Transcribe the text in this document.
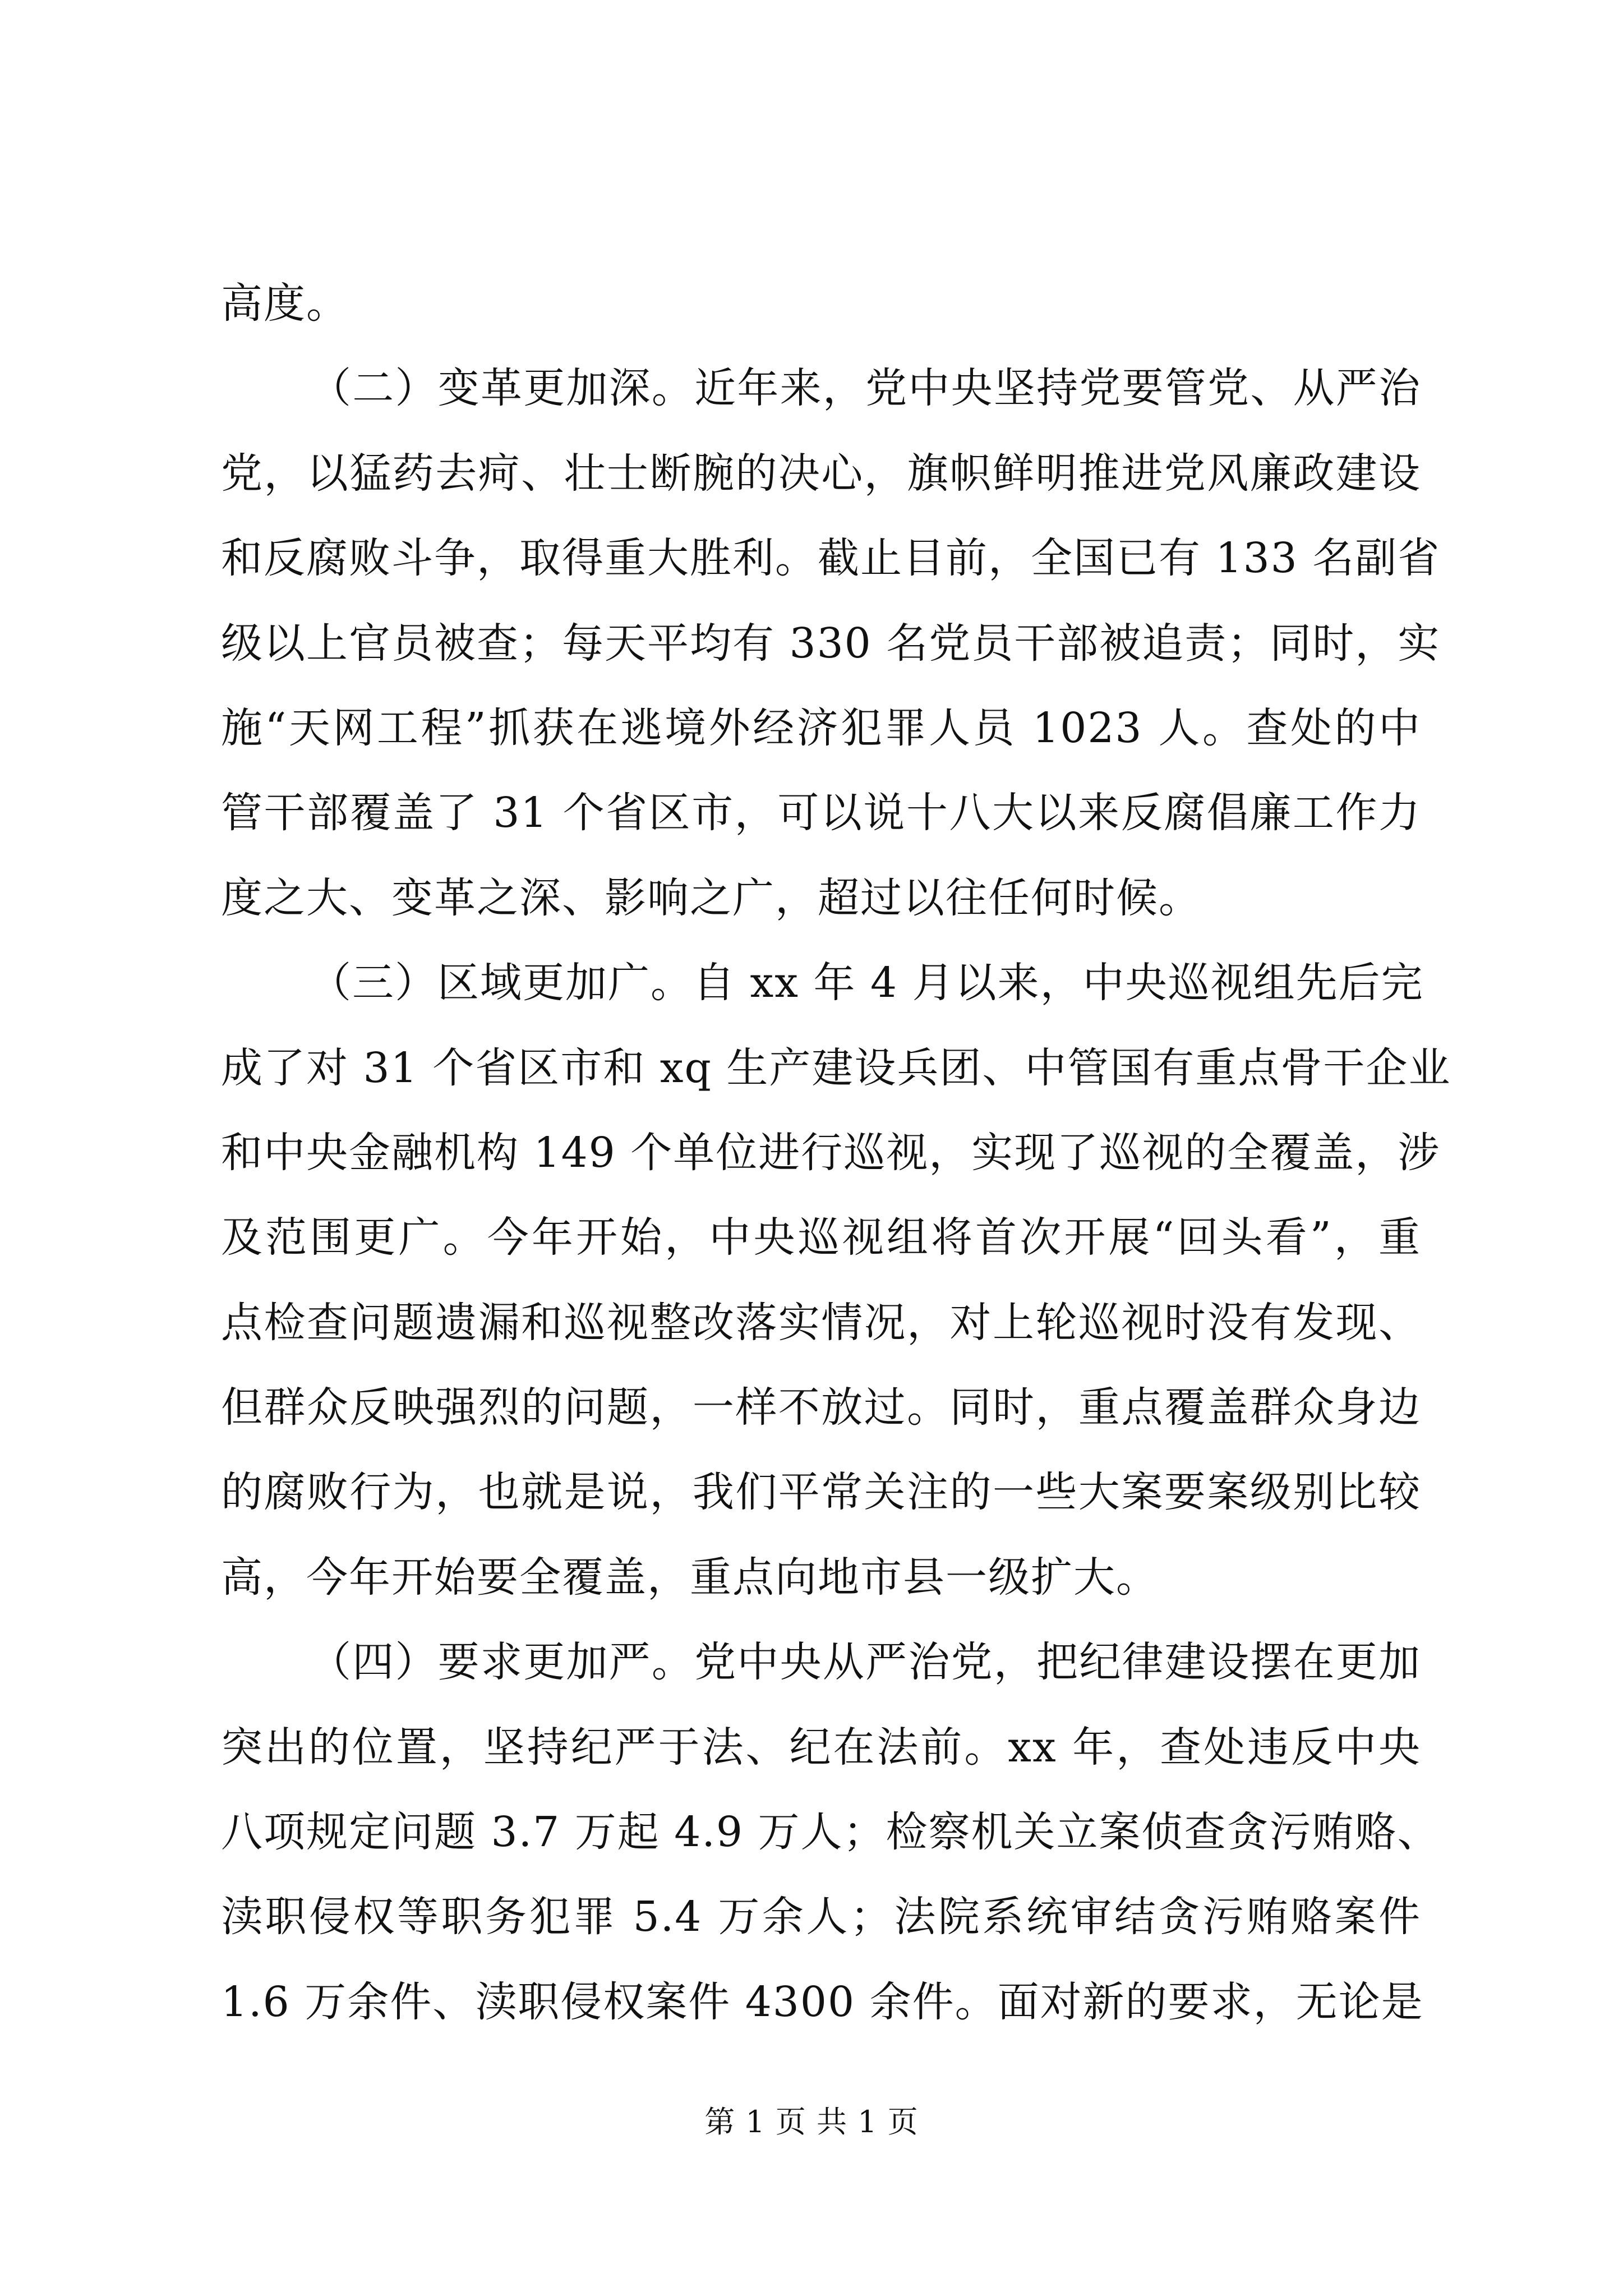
高度。
（二）变革更加深。近年来，党中央坚持党要管党、从严治
党，以猛药去疴、壮士断腕的决心，旗帜鲜明推进党风廉政建设
和反腐败斗争，取得重大胜利。截止目前，全国已有 133 名副省
级以上官员被查；每天平均有 330 名党员干部被追责；同时，实
施“天网工程”抓获在逃境外经济犯罪人员 1023 人。查处的中
管干部覆盖了 31 个省区市，可以说十八大以来反腐倡廉工作力
度之大、变革之深、影响之广，超过以往任何时候。
（三）区域更加广。自 xx 年 4 月以来，中央巡视组先后完
成了对 31 个省区市和 xq 生产建设兵团、中管国有重点骨干企业
和中央金融机构 149 个单位进行巡视，实现了巡视的全覆盖，涉
及范围更广。今年开始，中央巡视组将首次开展“回头看”，重
点检查问题遗漏和巡视整改落实情况，对上轮巡视时没有发现、
但群众反映强烈的问题，一样不放过。同时，重点覆盖群众身边
的腐败行为，也就是说，我们平常关注的一些大案要案级别比较
高，今年开始要全覆盖，重点向地市县一级扩大。
（四）要求更加严。党中央从严治党，把纪律建设摆在更加
突出的位置，坚持纪严于法、纪在法前。xx 年，查处违反中央
八项规定问题 3.7 万起 4.9 万人；检察机关立案侦查贪污贿赂、
渎职侵权等职务犯罪 5.4 万余人；法院系统审结贪污贿赂案件
1.6 万余件、渎职侵权案件 4300 余件。面对新的要求，无论是
第 1 页 共 1 页
